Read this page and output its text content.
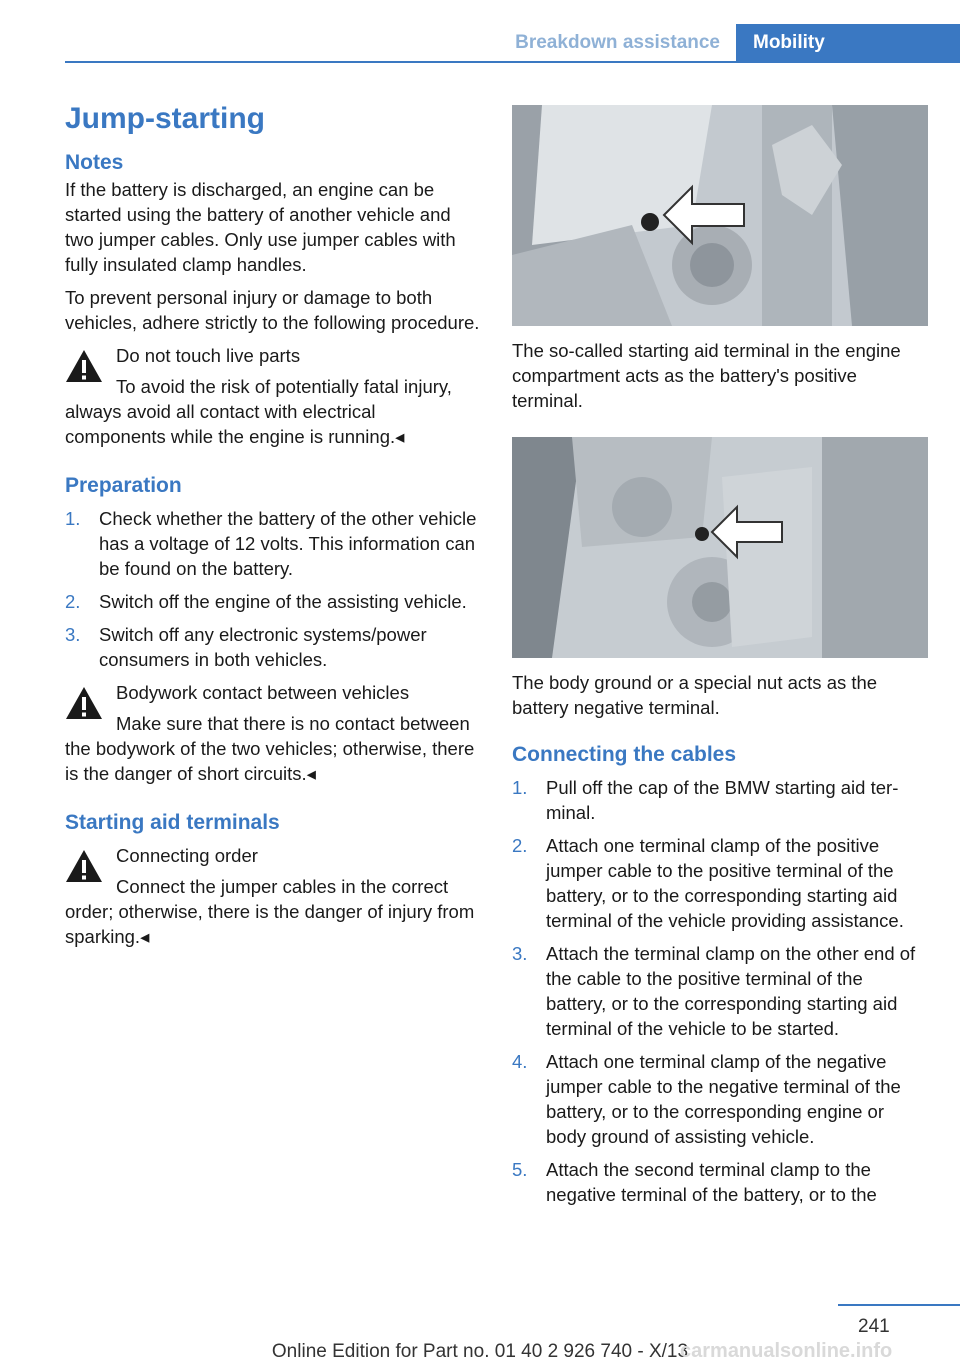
Breakdown assistance	Mobility
Jump-starting
Notes

If the battery is discharged, an engine can be started using the battery of another vehicle and two jumper cables. Only use jumper cables with fully insulated clamp handles.

To prevent personal injury or damage to both vehicles, adhere strictly to the following procedure.

Do not touch live parts

To avoid the risk of potentially fatal injury, always avoid all contact with electrical components while the engine is running.◂

Preparation
1. Check whether the battery of the other vehicle has a voltage of 12 volts. This information can be found on the battery.
2. Switch off the engine of the assisting vehicle.
3. Switch off any electronic systems/power consumers in both vehicles.

Bodywork contact between vehicles

Make sure that there is no contact between the bodywork of the two vehicles; otherwise, there is the danger of short circuits.◂

Starting aid terminals

Connecting order

Connect the jumper cables in the correct order; otherwise, there is the danger of injury from sparking.◂

The so-called starting aid terminal in the engine compartment acts as the battery's positive terminal.

The body ground or a special nut acts as the battery negative terminal.

Connecting the cables
1. Pull off the cap of the BMW starting aid terminal.
2. Attach one terminal clamp of the positive jumper cable to the positive terminal of the battery, or to the corresponding starting aid terminal of the vehicle providing assistance.
3. Attach the terminal clamp on the other end of the cable to the positive terminal of the battery, or to the corresponding starting aid terminal of the vehicle to be started.
4. Attach one terminal clamp of the negative jumper cable to the negative terminal of the battery, or to the corresponding engine or body ground of assisting vehicle.
5. Attach the second terminal clamp to the negative terminal of the battery, or to the
241
Online Edition for Part no. 01 40 2 926 740 - X/13
carmanualsonline.info
